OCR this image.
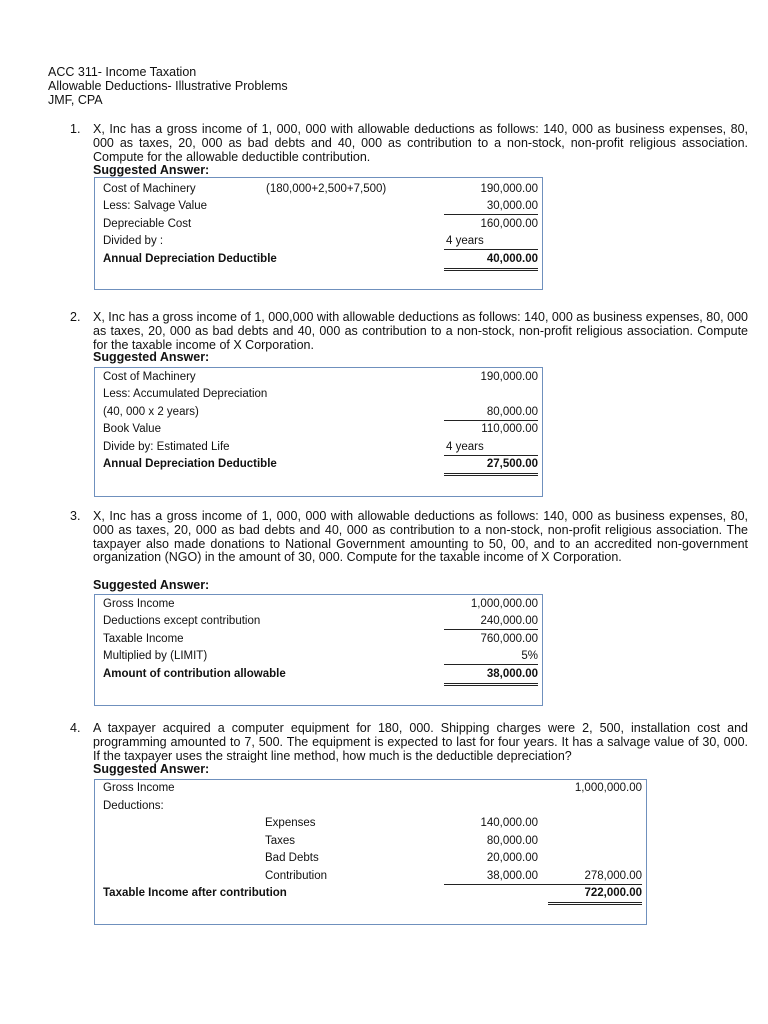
ACC 311- Income Taxation
Allowable Deductions- Illustrative Problems
JMF, CPA
1. X, Inc has a gross income of 1, 000, 000 with allowable deductions as follows: 140, 000 as business expenses, 80, 000 as taxes, 20, 000 as bad debts and 40, 000 as contribution to a non-stock, non-profit religious association. Compute for the allowable deductible contribution.
Suggested Answer:
Cost of Machinery	(180,000+2,500+7,500)	190,000.00
Less: Salvage Value	30,000.00
Depreciable Cost	160,000.00
Divided by :	4 years
Annual Depreciation Deductible	40,000.00
2. X, Inc has a gross income of 1, 000,000 with allowable deductions as follows: 140, 000 as business expenses, 80, 000 as taxes, 20, 000 as bad debts and 40, 000 as contribution to a non-stock, non-profit religious association. Compute for the taxable income of X Corporation.
Suggested Answer:
Cost of Machinery	190,000.00
Less: Accumulated Depreciation
(40, 000 x 2 years)	80,000.00
Book Value	110,000.00
Divide by: Estimated Life	4 years
Annual Depreciation Deductible	27,500.00
3. X, Inc has a gross income of 1, 000, 000 with allowable deductions as follows: 140, 000 as business expenses, 80, 000 as taxes, 20, 000 as bad debts and 40, 000 as contribution to a non-stock, non-profit religious association. The taxpayer also made donations to National Government amounting to 50, 00, and to an accredited non-government organization (NGO) in the amount of 30, 000. Compute for the taxable income of X Corporation.
Suggested Answer:
Gross Income	1,000,000.00
Deductions except contribution	240,000.00
Taxable Income	760,000.00
Multiplied by (LIMIT)	5%
Amount of contribution allowable	38,000.00
4. A taxpayer acquired a computer equipment for 180, 000. Shipping charges were 2, 500, installation cost and programming amounted to 7, 500. The equipment is expected to last for four years. It has a salvage value of 30, 000. If the taxpayer uses the straight line method, how much is the deductible depreciation?
Suggested Answer:
Gross Income	1,000,000.00
Deductions:
Expenses	140,000.00
Taxes	80,000.00
Bad Debts	20,000.00
Contribution	38,000.00	278,000.00
Taxable Income after contribution	722,000.00
